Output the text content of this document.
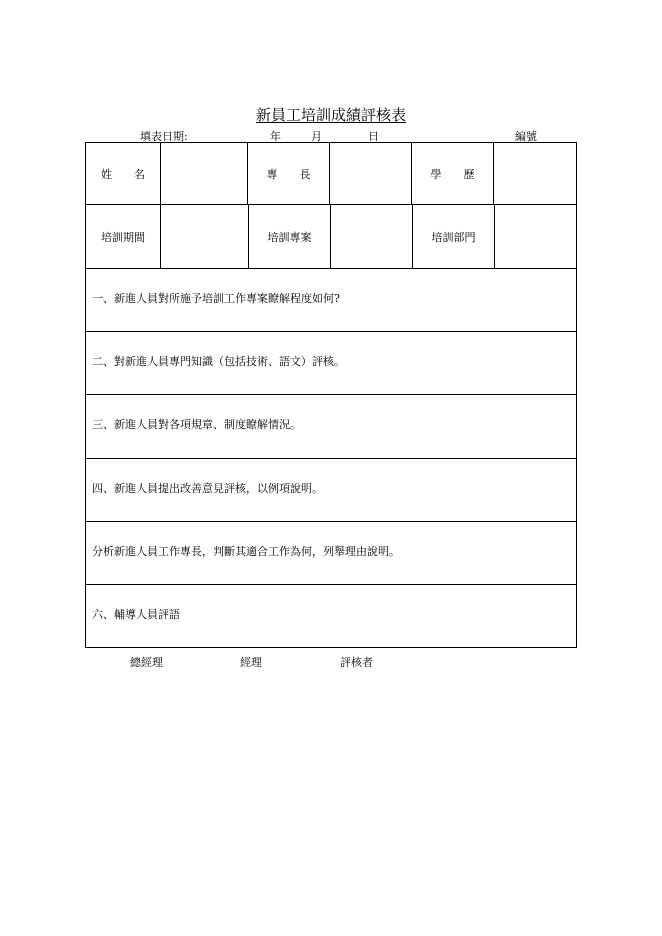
新員工培訓成績評核表
填表日期:	年	月	日	編號
姓　　名	專　　長	學　　歷
培訓期間	培訓專案	培訓部門
一、新進人員對所施予培訓工作專案瞭解程度如何?
二、對新進人員專門知識（包括技術、語文）評核。
三、新進人員對各項規章、制度瞭解情況。
四、新進人員提出改善意見評核，以例項說明。
分析新進人員工作專長，判斷其適合工作為何，列舉理由說明。
六、輔導人員評語
總經理	經理	評核者
